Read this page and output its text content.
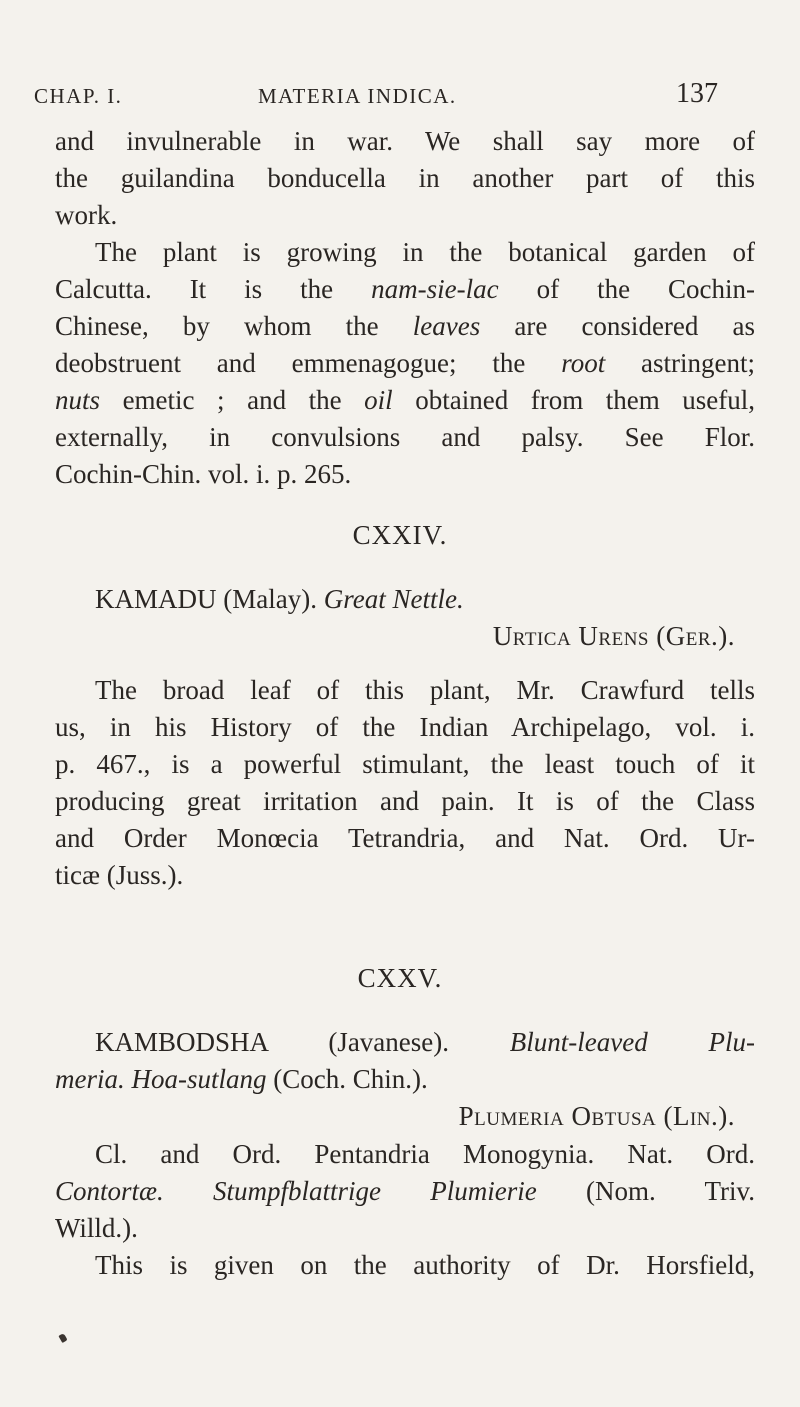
CHAP. I.	MATERIA INDICA.	137
and invulnerable in war. We shall say more of
the guilandina bonducella in another part of this
work.
The plant is growing in the botanical garden of
Calcutta. It is the nam-sie-lac of the Cochin-
Chinese, by whom the leaves are considered as
deobstruent and emmenagogue; the root astringent;
nuts emetic ; and the oil obtained from them useful,
externally, in convulsions and palsy. See Flor.
Cochin-Chin. vol. i. p. 265.
CXXIV.
KAMADU (Malay). Great Nettle.
Urtica Urens (Ger.).
The broad leaf of this plant, Mr. Crawfurd tells
us, in his History of the Indian Archipelago, vol. i.
p. 467., is a powerful stimulant, the least touch of it
producing great irritation and pain. It is of the Class
and Order Monœcia Tetrandria, and Nat. Ord. Ur-
ticæ (Juss.).
CXXV.
KAMBODSHA (Javanese). Blunt-leaved Plu-
meria. Hoa-sutlang (Coch. Chin.).
Plumeria Obtusa (Lin.).
Cl. and Ord. Pentandria Monogynia. Nat. Ord.
Contortæ. Stumpfblattrige Plumierie (Nom. Triv.
Willd.).
This is given on the authority of Dr. Horsfield,
